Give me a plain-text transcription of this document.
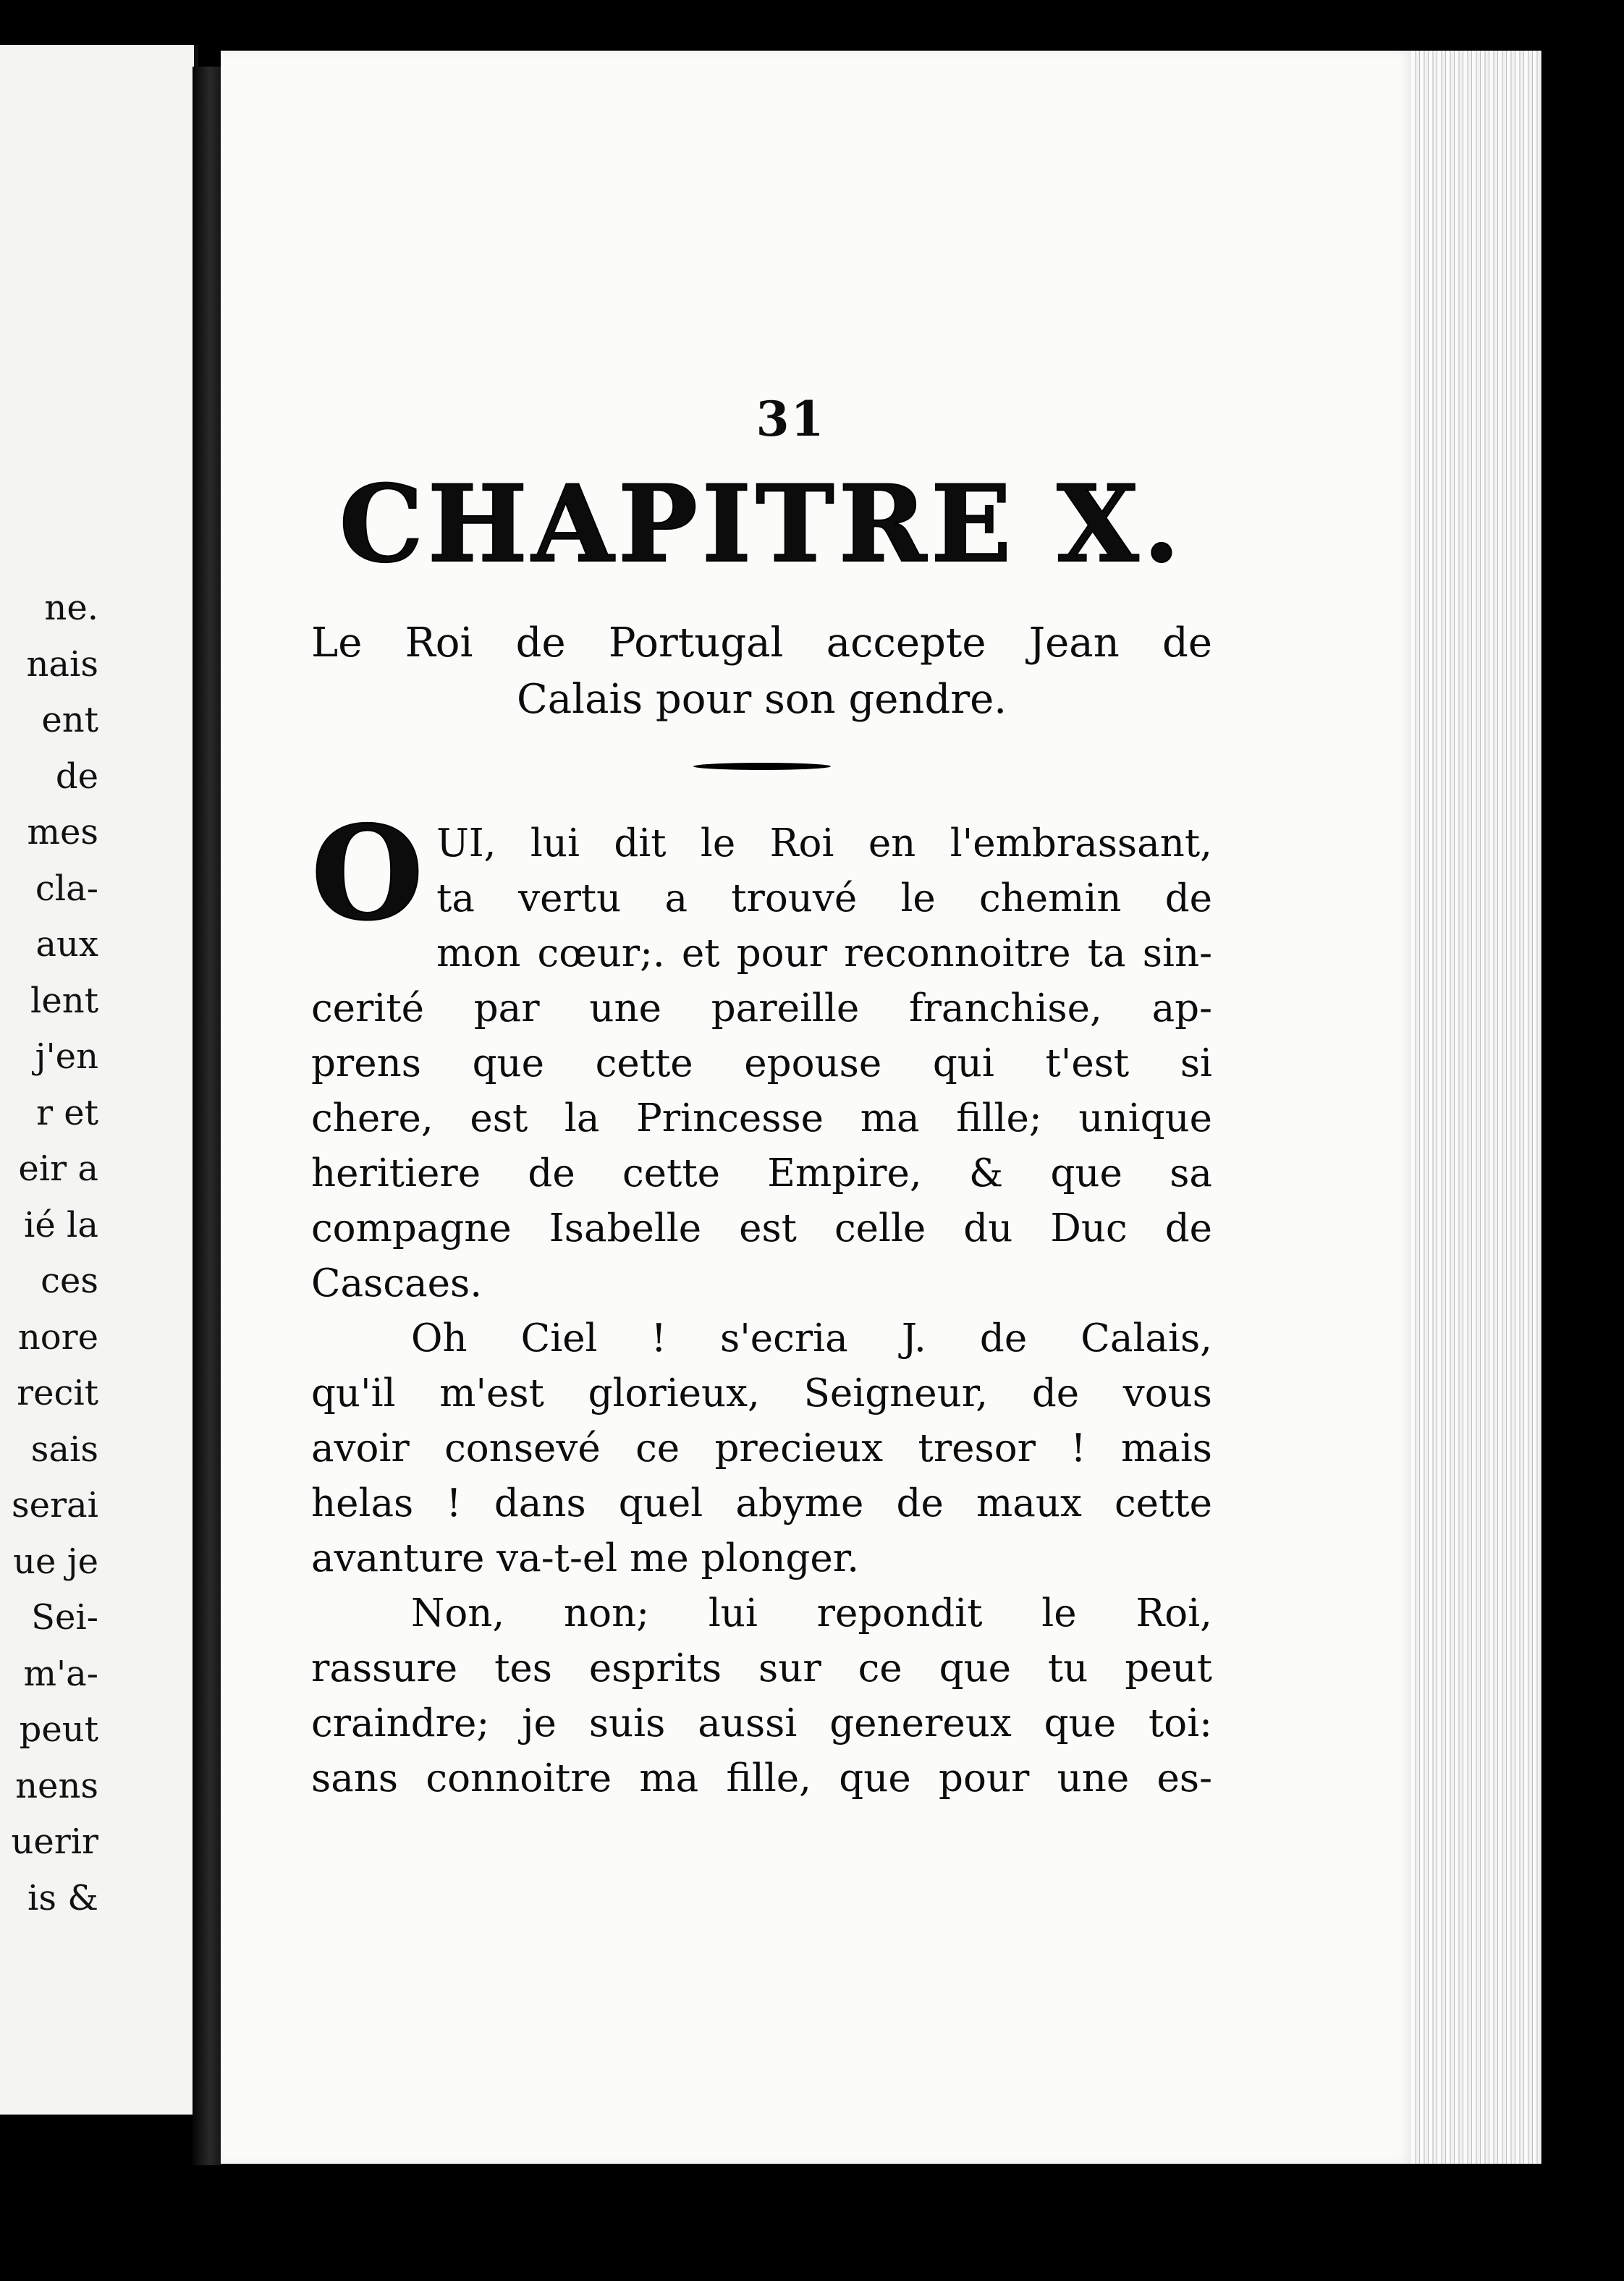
ne.
nais
ent
de
mes
cla-
aux
lent
j'en
r et
eir a
ié la
ces
nore
recit
sais
serai
ue je
Sei-
m'a-
peut
nens
uerir
is &
31
CHAPITRE X.
Le Roi de Portugal accepte Jean de
Calais pour son gendre.
O UI, lui dit le Roi en l'embrassant,
ta vertu a trouvé le chemin de
mon cœur;. et pour reconnoitre ta sin-
cerité par une pareille franchise, ap-
prens que cette epouse qui t'est si
chere, est la Princesse ma fille; unique
heritiere de cette Empire, & que sa
compagne Isabelle est celle du Duc de
Cascaes.
Oh Ciel ! s'ecria J. de Calais,
qu'il m'est glorieux, Seigneur, de vous
avoir consevé ce precieux tresor ! mais
helas ! dans quel abyme de maux cette
avanture va-t-el me plonger.
Non, non; lui repondit le Roi,
rassure tes esprits sur ce que tu peut
craindre; je suis aussi genereux que toi:
sans connoitre ma fille, que pour une es-
